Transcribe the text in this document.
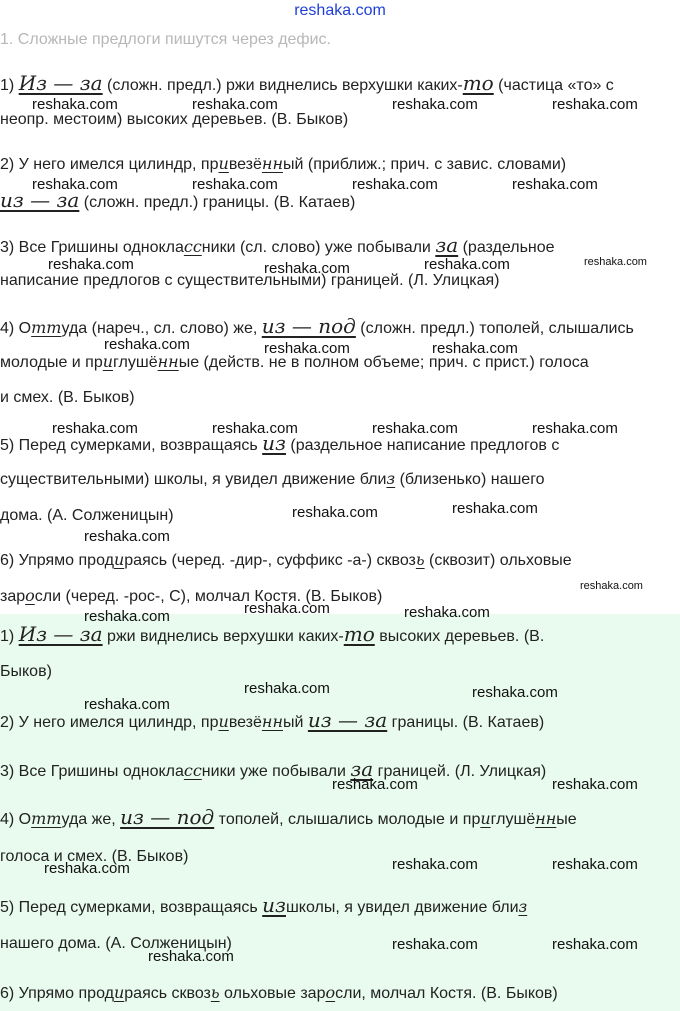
reshaka.com
1. Сложные предлоги пишутся через дефис.
1) Из — за (сложн. предл.) ржи виднелись верхушки каких-то (частица «то» с
неопр. местоим) высоких деревьев. (В. Быков)
2) У него имелся цилиндр, привезённый (приближ.; прич. с завис. словами)
из — за (сложн. предл.) границы. (В. Катаев)
3) Все Гришины одноклассники (сл. слово) уже побывали за (раздельное
написание предлогов с существительными) границей. (Л. Улицкая)
4) Оттуда (нареч., сл. слово) же, из — под (сложн. предл.) тополей, слышались
молодые и приглушённые (действ. не в полном объеме; прич. с прист.) голоса
и смех. (В. Быков)
5) Перед сумерками, возвращаясь из (раздельное написание предлогов с
существительными) школы, я увидел движение близ (близенько) нашего
дома. (А. Солженицын)
6) Упрямо продираясь (черед. -дир-, суффикс -а-) сквозь (сквозит) ольховые
заросли (черед. -рос-, С), молчал Костя. (В. Быков)
1) Из — за ржи виднелись верхушки каких-то высоких деревьев. (В.
Быков)
2) У него имелся цилиндр, привезённый из — за границы. (В. Катаев)
3) Все Гришины одноклассники уже побывали за границей. (Л. Улицкая)
4) Оттуда же, из — под тополей, слышались молодые и приглушённые
голоса и смех. (В. Быков)
5) Перед сумерками, возвращаясь изшколы, я увидел движение близ
нашего дома. (А. Солженицын)
6) Упрямо продираясь сквозь ольховые заросли, молчал Костя. (В. Быков)
reshaka.com	reshaka.com	reshaka.com	reshaka.com
reshaka.com	reshaka.com	reshaka.com	reshaka.com
reshaka.com	reshaka.com	reshaka.com	reshaka.com
reshaka.com	reshaka.com	reshaka.com
reshaka.com	reshaka.com	reshaka.com	reshaka.com
reshaka.com	reshaka.com
reshaka.com
reshaka.com
reshaka.com	reshaka.com
reshaka.com
reshaka.com	reshaka.com
reshaka.com
reshaka.com
reshaka.com
reshaka.com	reshaka.com	reshaka.com
reshaka.com	reshaka.com
reshaka.com
